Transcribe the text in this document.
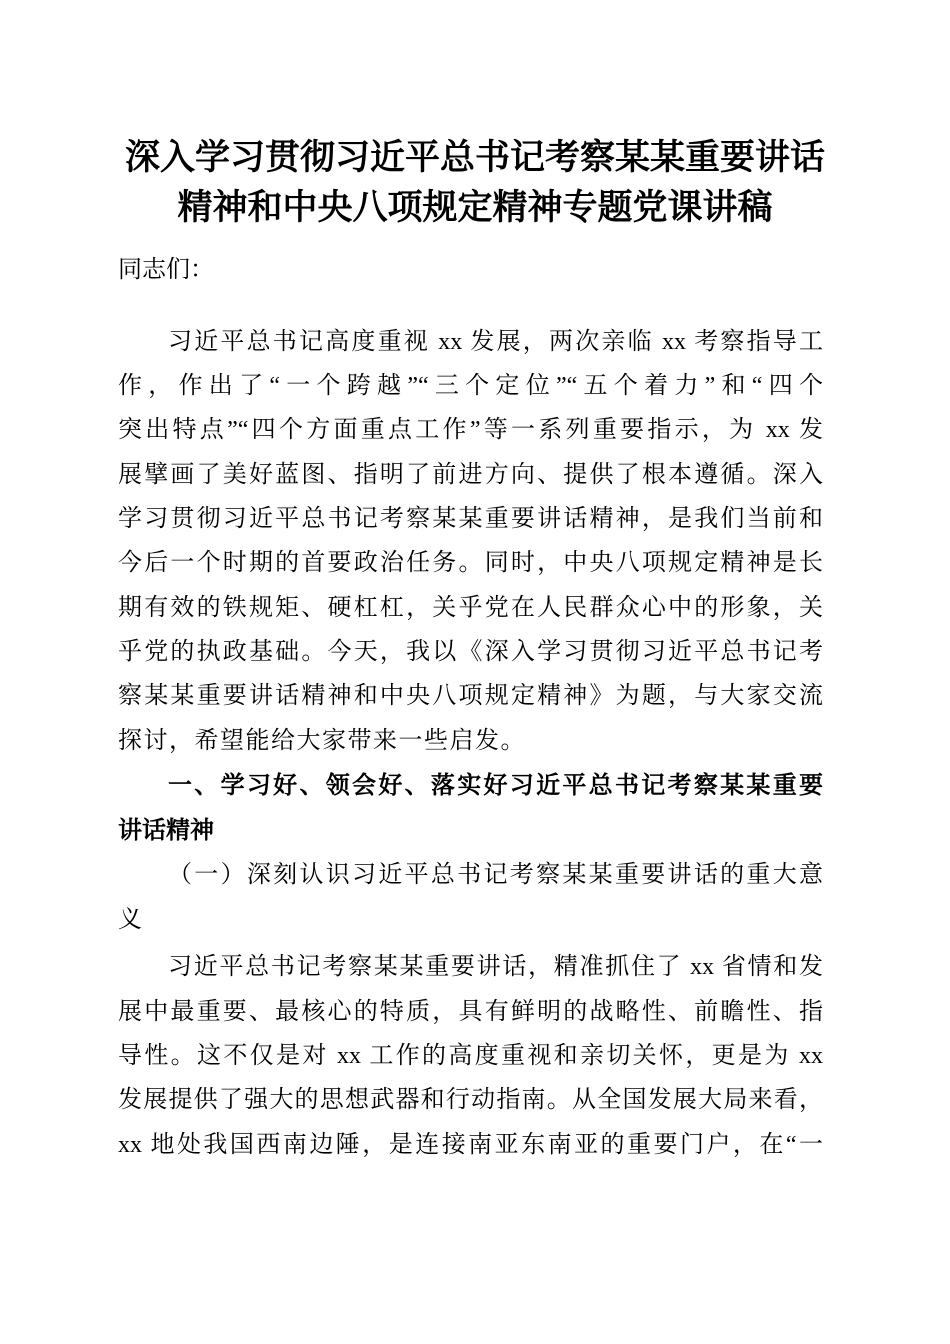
深入学习贯彻习近平总书记考察某某重要讲话
精神和中央八项规定精神专题党课讲稿
同志们：
习近平总书记高度重视 xx 发展，两次亲临 xx 考察指导工
作，作出了“一个跨越”“三个定位”“五个着力”和“四个
突出特点”“四个方面重点工作”等一系列重要指示，为 xx 发
展擘画了美好蓝图、指明了前进方向、提供了根本遵循。深入
学习贯彻习近平总书记考察某某重要讲话精神，是我们当前和
今后一个时期的首要政治任务。同时，中央八项规定精神是长
期有效的铁规矩、硬杠杠，关乎党在人民群众心中的形象，关
乎党的执政基础。今天，我以《深入学习贯彻习近平总书记考
察某某重要讲话精神和中央八项规定精神》为题，与大家交流
探讨，希望能给大家带来一些启发。
一、学习好、领会好、落实好习近平总书记考察某某重要
讲话精神
（一）深刻认识习近平总书记考察某某重要讲话的重大意
义
习近平总书记考察某某重要讲话，精准抓住了 xx 省情和发
展中最重要、最核心的特质，具有鲜明的战略性、前瞻性、指
导性。这不仅是对 xx 工作的高度重视和亲切关怀，更是为 xx
发展提供了强大的思想武器和行动指南。从全国发展大局来看，
xx 地处我国西南边陲，是连接南亚东南亚的重要门户，在“一
